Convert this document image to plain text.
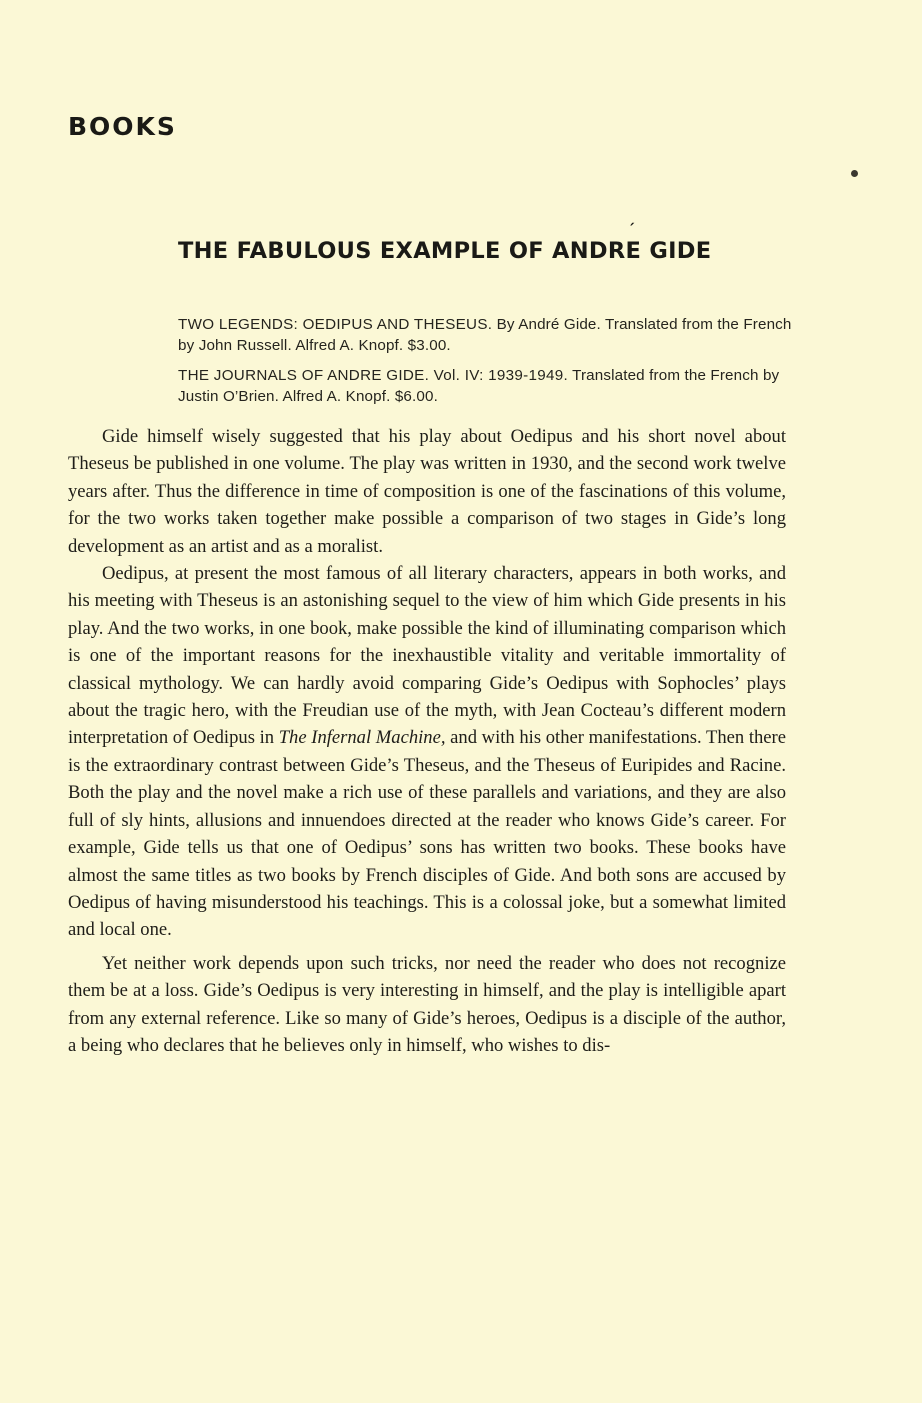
BOOKS
THE FABULOUS EXAMPLE OF ANDR
´
E GIDE

TWO LEGENDS: OEDIPUS AND THESEUS. By André Gide. Translated from the French by John Russell. Alfred A. Knopf. $3.00.

THE JOURNALS OF ANDRE GIDE. Vol. IV: 1939-1949. Translated from the French by Justin O’Brien. Alfred A. Knopf. $6.00.

Gide himself wisely suggested that his play about Oedipus and his short novel about Theseus be published in one volume. The play was written in 1930, and the second work twelve years after. Thus the difference in time of composition is one of the fascinations of this volume, for the two works taken together make possible a comparison of two stages in Gide’s long development as an artist and as a moralist.

Oedipus, at present the most famous of all literary characters, appears in both works, and his meeting with Theseus is an astonishing sequel to the view of him which Gide presents in his play. And the two works, in one book, make possible the kind of illuminating comparison which is one of the important reasons for the inexhaustible vitality and veritable immortality of classical mythology. We can hardly avoid comparing Gide’s Oedipus with Sophocles’ plays about the tragic hero, with the Freudian use of the myth, with Jean Cocteau’s different modern interpretation of Oedipus in The Infernal Machine, and with his other manifestations. Then there is the extraordinary contrast between Gide’s Theseus, and the Theseus of Euripides and Racine. Both the play and the novel make a rich use of these parallels and variations, and they are also full of sly hints, allusions and innuendoes directed at the reader who knows Gide’s career. For example, Gide tells us that one of Oedipus’ sons has written two books. These books have almost the same titles as two books by French disciples of Gide. And both sons are accused by Oedipus of having misunderstood his teachings. This is a colossal joke, but a somewhat limited and local one.

Yet neither work depends upon such tricks, nor need the reader who does not recognize them be at a loss. Gide’s Oedipus is very interesting in himself, and the play is intelligible apart from any external reference. Like so many of Gide’s heroes, Oedipus is a disciple of the author, a being who declares that he believes only in himself, who wishes to dis-
